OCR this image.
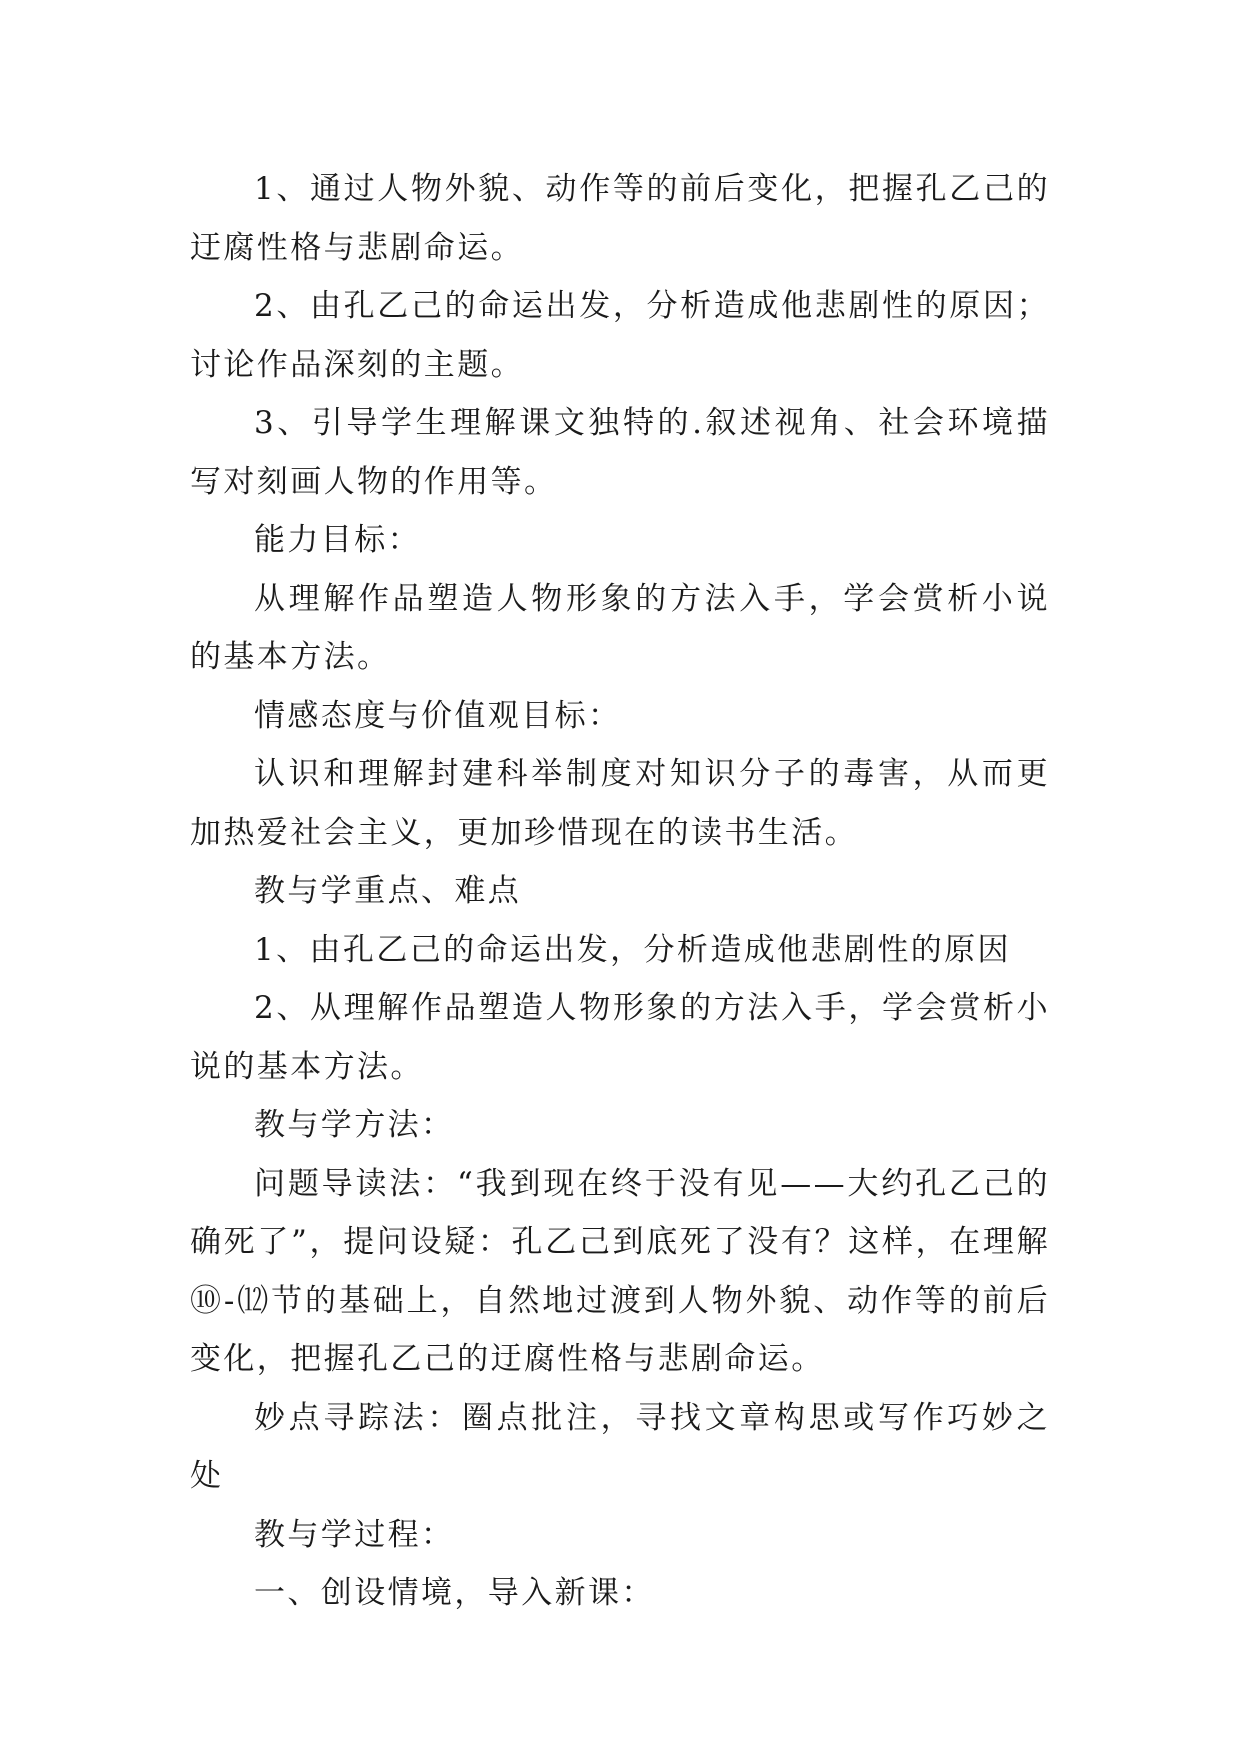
1、通过人物外貌、动作等的前后变化，把握孔乙己的迂腐性格与悲剧命运。

2、由孔乙己的命运出发，分析造成他悲剧性的原因；讨论作品深刻的主题。

3、引导学生理解课文独特的.叙述视角、社会环境描写对刻画人物的作用等。

能力目标：

从理解作品塑造人物形象的方法入手，学会赏析小说的基本方法。

情感态度与价值观目标：

认识和理解封建科举制度对知识分子的毒害，从而更加热爱社会主义，更加珍惜现在的读书生活。

教与学重点、难点

1、由孔乙己的命运出发，分析造成他悲剧性的原因

2、从理解作品塑造人物形象的方法入手，学会赏析小说的基本方法。

教与学方法：

问题导读法：“我到现在终于没有见——大约孔乙己的确死了”，提问设疑：孔乙己到底死了没有？这样，在理解⑩-⑿节的基础上，自然地过渡到人物外貌、动作等的前后变化，把握孔乙己的迂腐性格与悲剧命运。

妙点寻踪法：圈点批注，寻找文章构思或写作巧妙之处

教与学过程：

一、创设情境，导入新课：
